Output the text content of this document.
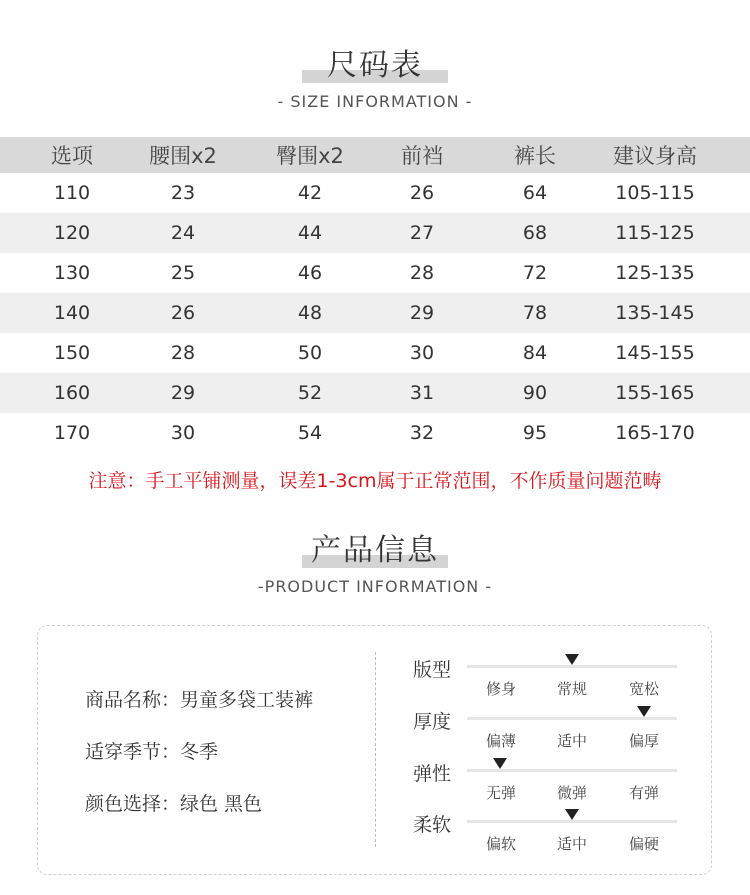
尺码表
- SIZE INFORMATION -
选项	腰围x2	臀围x2	前裆	裤长	建议身高
110	23	42	26	64	105-115
120	24	44	27	68	115-125
130	25	46	28	72	125-135
140	26	48	29	78	135-145
150	28	50	30	84	145-155
160	29	52	31	90	155-165
170	30	54	32	95	165-170
注意：手工平铺测量，误差1-3cm属于正常范围，不作质量问题范畴
产品信息
-PRODUCT INFORMATION -
商品名称：男童多袋工装裤
适穿季节：冬季
颜色选择：绿色 黑色
版型
修身	常规	宽松
厚度
偏薄	适中	偏厚
弹性
无弹	微弹	有弹
柔软
偏软	适中	偏硬
